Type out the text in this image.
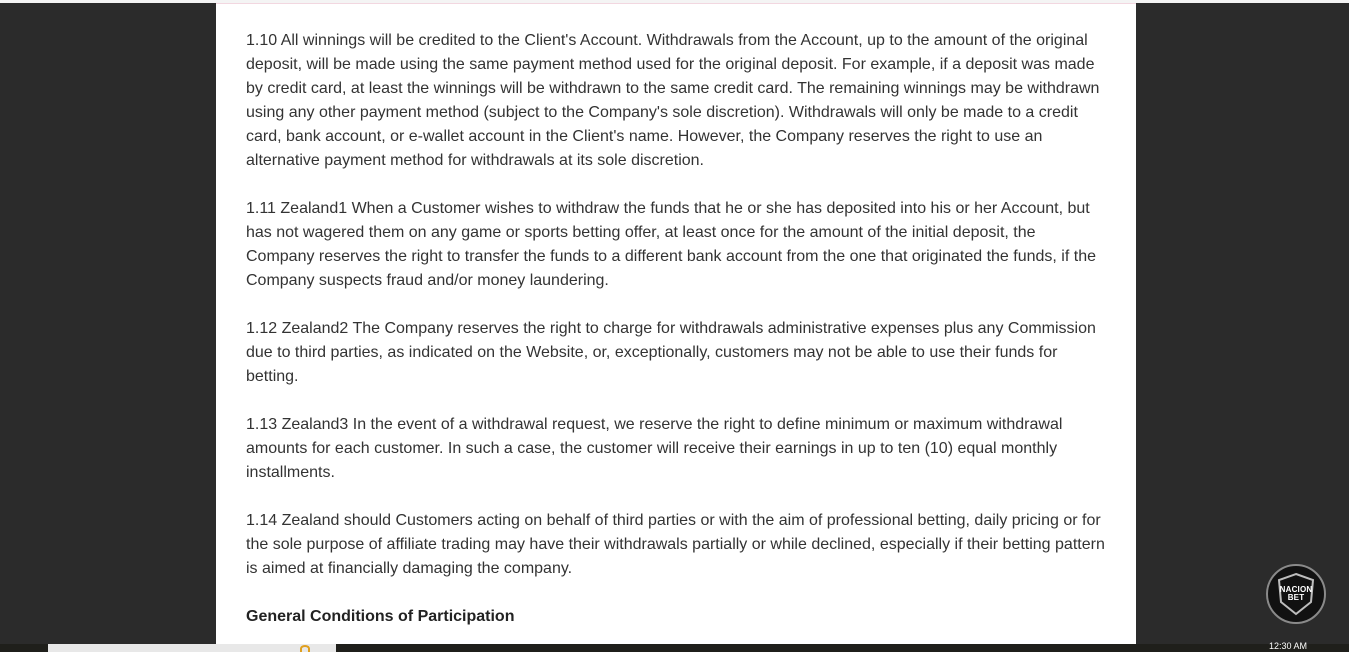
1.10 All winnings will be credited to the Client's Account. Withdrawals from the Account, up to the amount of the original deposit, will be made using the same payment method used for the original deposit. For example, if a deposit was made by credit card, at least the winnings will be withdrawn to the same credit card. The remaining winnings may be withdrawn using any other payment method (subject to the Company's sole discretion). Withdrawals will only be made to a credit card, bank account, or e-wallet account in the Client's name. However, the Company reserves the right to use an alternative payment method for withdrawals at its sole discretion.

1.11 Zealand1 When a Customer wishes to withdraw the funds that he or she has deposited into his or her Account, but has not wagered them on any game or sports betting offer, at least once for the amount of the initial deposit, the Company reserves the right to transfer the funds to a different bank account from the one that originated the funds, if the Company suspects fraud and/or money laundering.

1.12 Zealand2 The Company reserves the right to charge for withdrawals administrative expenses plus any Commission due to third parties, as indicated on the Website, or, exceptionally, customers may not be able to use their funds for betting.

1.13 Zealand3 In the event of a withdrawal request, we reserve the right to define minimum or maximum withdrawal amounts for each customer. In such a case, the customer will receive their earnings in up to ten (10) equal monthly installments.

1.14 Zealand should Customers acting on behalf of third parties or with the aim of professional betting, daily pricing or for the sole purpose of affiliate trading may have their withdrawals partially or while declined, especially if their betting pattern is aimed at financially damaging the company.

General Conditions of Participation
NACION
BET
12:30 AM
